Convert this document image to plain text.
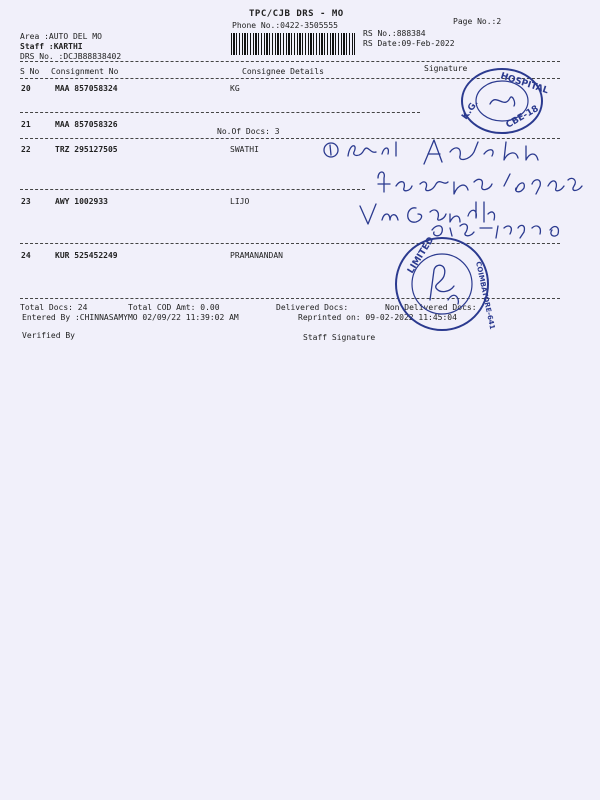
TPC/CJB DRS - MO
Phone No.:0422-3505555	Page No.:2
Area :AUTO DEL MO
Staff :KARTHI
DRS No. :DCJB88838402
RS No.:888384
RS Date:09-Feb-2022
S No Consignment No	Consignee Details	Signature
20	MAA 857058324	KG
21	MAA 857058326
No.Of Docs: 3
22	TRZ 295127505	SWATHI
23	AWY 1002933	LIJO
24	KUR 525452249	PRAMANANDAN
Total Docs: 24	Total COD Amt: 0.00	Delivered Docs:	Non Delivered Docs:
Entered By :CHINNASAMYMO 02/09/22 11:39:02 AM	Reprinted on: 09-02-2022 11:45:04
Verified By	Staff Signature
HOSPITAL
CBE-18
K.G.
LIMITED
COIMBATORE-641
